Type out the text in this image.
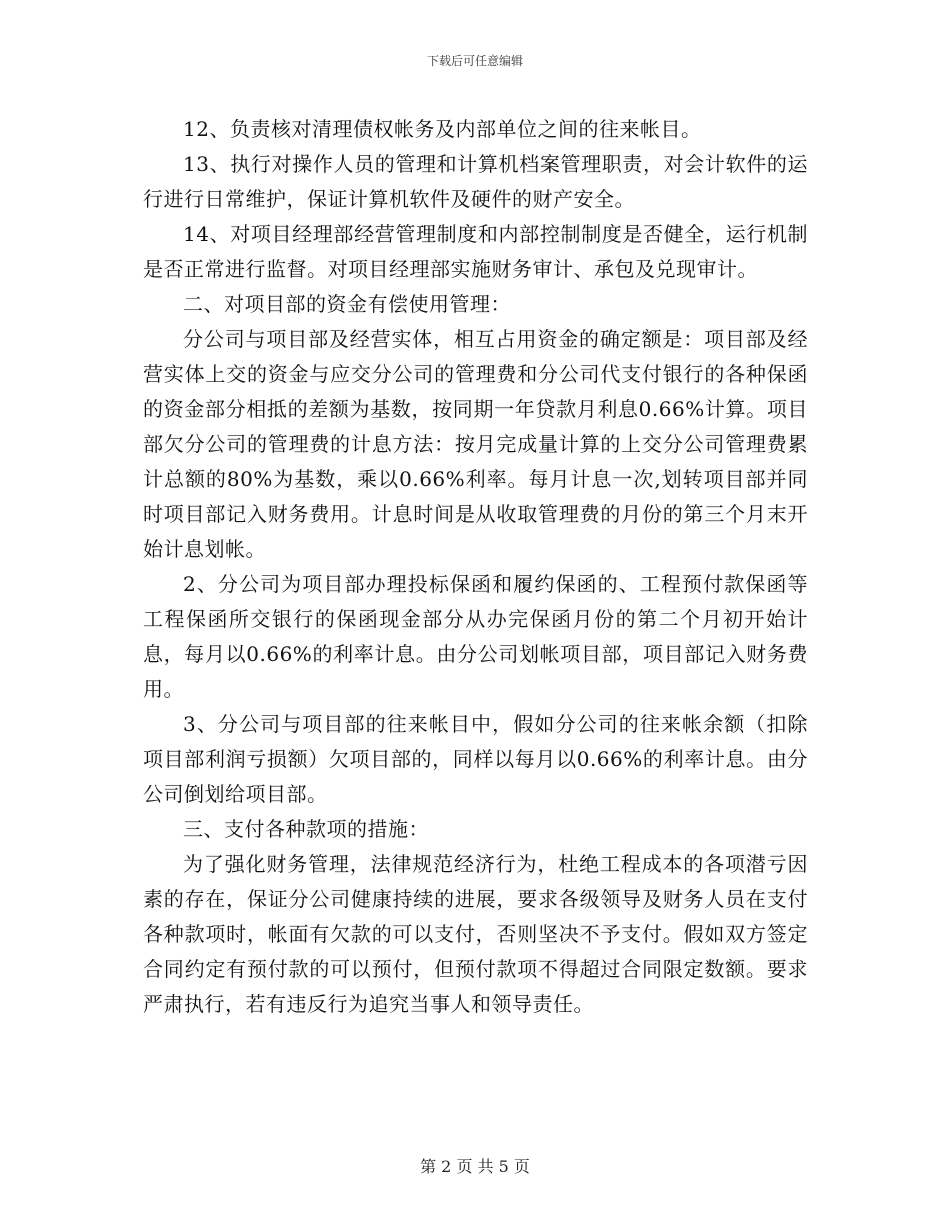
下载后可任意编辑

12、负责核对清理债权帐务及内部单位之间的往来帐目。

13、执行对操作人员的管理和计算机档案管理职责，对会计软件的运行进行日常维护，保证计算机软件及硬件的财产安全。

14、对项目经理部经营管理制度和内部控制制度是否健全，运行机制是否正常进行监督。对项目经理部实施财务审计、承包及兑现审计。

二、对项目部的资金有偿使用管理：

分公司与项目部及经营实体，相互占用资金的确定额是：项目部及经营实体上交的资金与应交分公司的管理费和分公司代支付银行的各种保函的资金部分相抵的差额为基数，按同期一年贷款月利息0.66%计算。项目部欠分公司的管理费的计息方法：按月完成量计算的上交分公司管理费累计总额的80%为基数，乘以0.66%利率。每月计息一次,划转项目部并同时项目部记入财务费用。计息时间是从收取管理费的月份的第三个月末开始计息划帐。

2、分公司为项目部办理投标保函和履约保函的、工程预付款保函等工程保函所交银行的保函现金部分从办完保函月份的第二个月初开始计息，每月以0.66%的利率计息。由分公司划帐项目部，项目部记入财务费用。

3、分公司与项目部的往来帐目中，假如分公司的往来帐余额（扣除项目部利润亏损额）欠项目部的，同样以每月以0.66%的利率计息。由分公司倒划给项目部。

三、支付各种款项的措施：

为了强化财务管理，法律规范经济行为，杜绝工程成本的各项潜亏因素的存在，保证分公司健康持续的进展，要求各级领导及财务人员在支付各种款项时，帐面有欠款的可以支付，否则坚决不予支付。假如双方签定合同约定有预付款的可以预付，但预付款项不得超过合同限定数额。要求严肃执行，若有违反行为追究当事人和领导责任。

第 2 页 共 5 页
